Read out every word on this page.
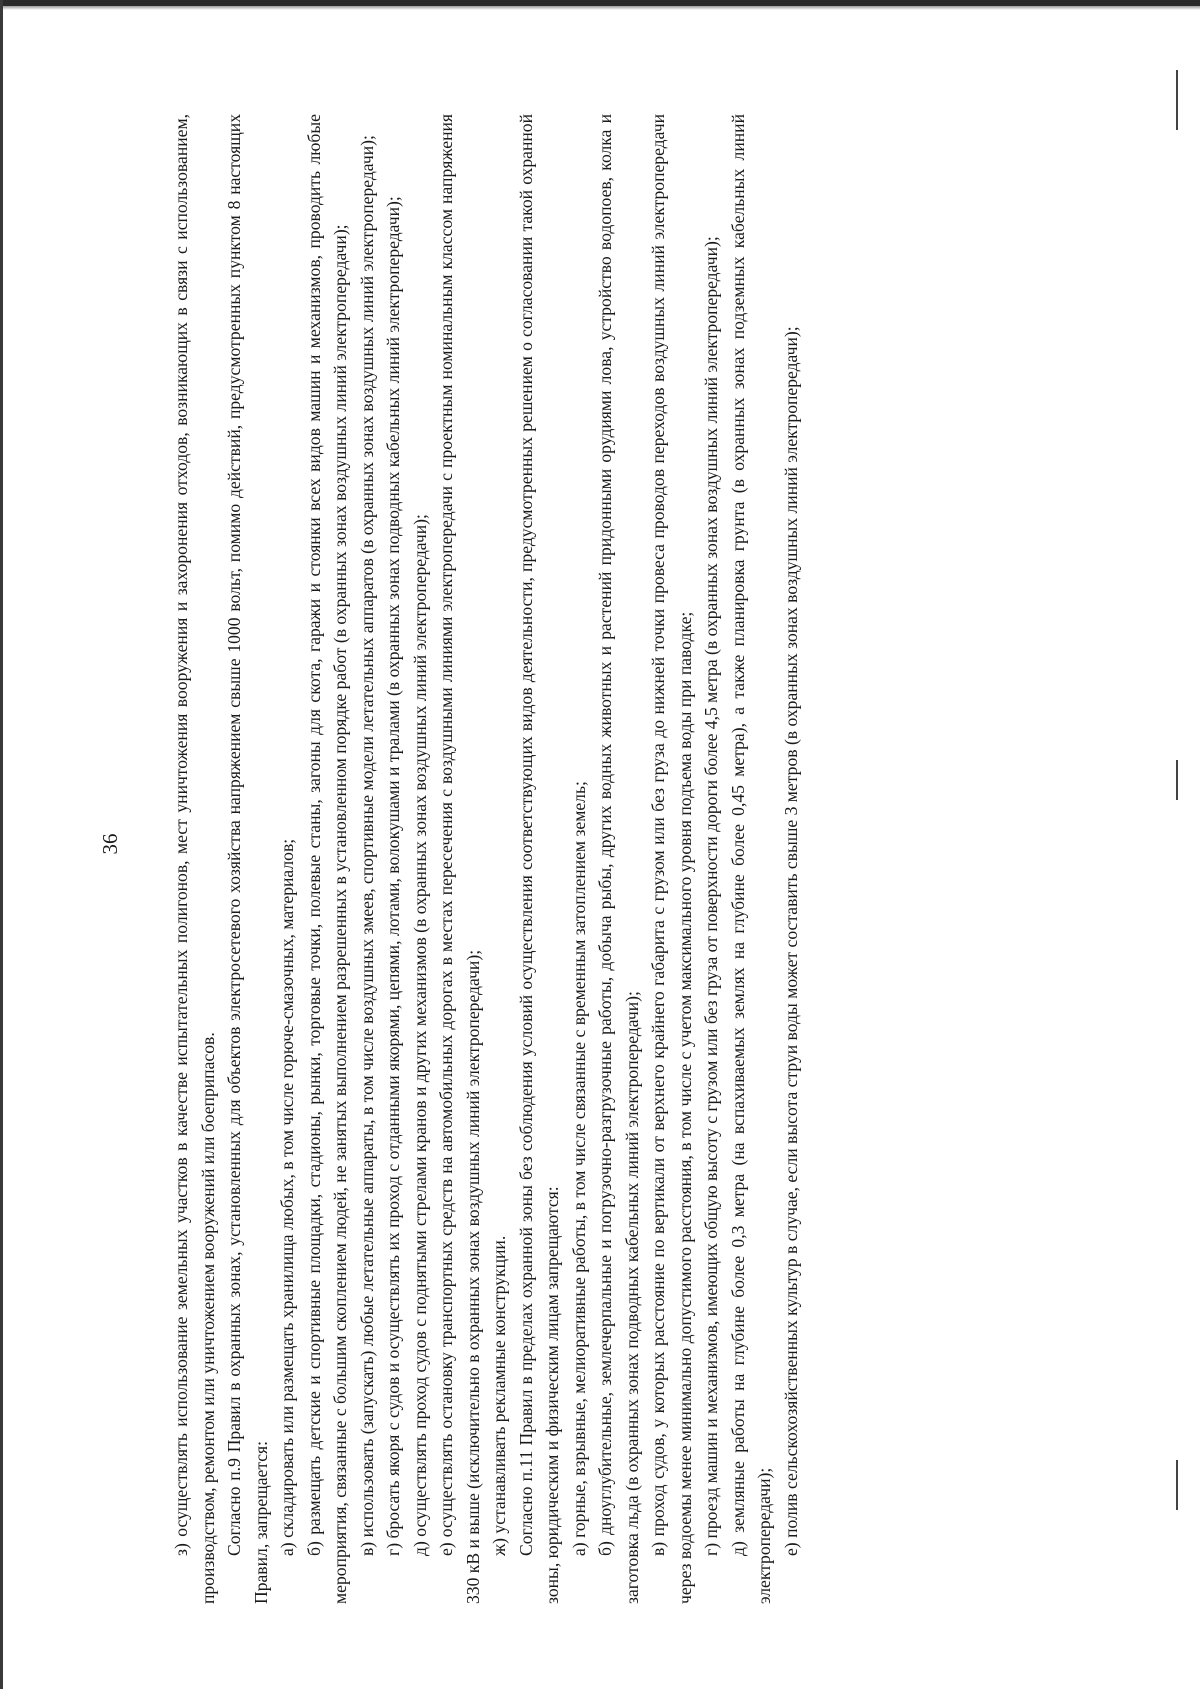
36	з) осуществлять использование земельных участков в качестве испытательных полигонов, мест уничтожения вооружения и захоронения отходов, возникающих в связи с использованием, производством, ремонтом или уничтожением вооружений или боеприпасов. Согласно п.9 Правил в охранных зонах, установленных для объектов электросетевого хозяйства напряжением свыше 1000 вольт, помимо действий, предусмотренных пунктом 8 настоящих Правил, запрещается: а) складировать или размещать хранилища любых, в том числе горюче-смазочных, материалов; б) размещать детские и спортивные площадки, стадионы, рынки, торговые точки, полевые станы, загоны для скота, гаражи и стоянки всех видов машин и механизмов, проводить любые мероприятия, связанные с большим скоплением людей, не занятых выполнением разрешенных в установленном порядке работ (в охранных зонах воздушных линий электропередачи); в) использовать (запускать) любые летательные аппараты, в том числе воздушных змеев, спортивные модели летательных аппаратов (в охранных зонах воздушных линий электропередачи); г) бросать якоря с судов и осуществлять их проход с отданными якорями, цепями, лотами, волокушами и тралами (в охранных зонах подводных кабельных линий электропередачи); д) осуществлять проход судов с поднятыми стрелами кранов и других механизмов (в охранных зонах воздушных линий электропередачи); е) осуществлять остановку транспортных средств на автомобильных дорогах в местах пересечения с воздушными линиями электропередачи с проектным номинальным классом напряжения 330 кВ и выше (исключительно в охранных зонах воздушных линий электропередачи); ж) устанавливать рекламные конструкции. Согласно п.11 Правил в пределах охранной зоны без соблюдения условий осуществления соответствующих видов деятельности, предусмотренных решением о согласовании такой охранной зоны, юридическим и физическим лицам запрещаются: а) горные, взрывные, мелиоративные работы, в том числе связанные с временным затоплением земель; б) дноуглубительные, землечерпальные и погрузочно-разгрузочные работы, добыча рыбы, других водных животных и растений придонными орудиями лова, устройство водопоев, колка и заготовка льда (в охранных зонах подводных кабельных линий электропередачи); в) проход судов, у которых расстояние по вертикали от верхнего крайнего габарита с грузом или без груза до нижней точки провеса проводов переходов воздушных линий электропередачи через водоемы менее минимально допустимого расстояния, в том числе с учетом максимального уровня подъема воды при паводке; г) проезд машин и механизмов, имеющих общую высоту с грузом или без груза от поверхности дороги более 4,5 метра (в охранных зонах воздушных линий электропередачи); д) земляные работы на глубине более 0,3 метра (на вспахиваемых землях на глубине более 0,45 метра), а также планировка грунта (в охранных зонах подземных кабельных линий электропередачи); е) полив сельскохозяйственных культур в случае, если высота струи воды может составить свыше 3 метров (в охранных зонах воздушных линий электропередачи);
